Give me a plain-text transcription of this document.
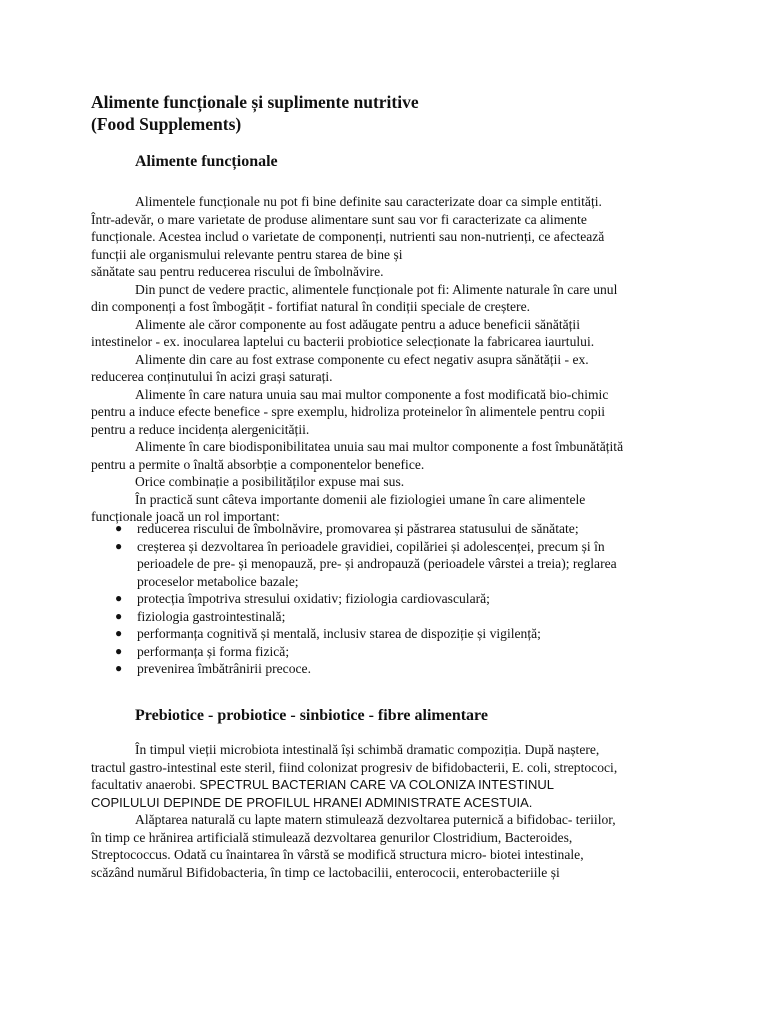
Alimente funcționale și suplimente nutritive
(Food Supplements)
Alimente funcționale
Alimentele funcționale nu pot fi bine definite sau caracterizate doar ca simple entități.
Într-adevăr, o mare varietate de produse alimentare sunt sau vor fi caracterizate ca alimente
funcționale. Acestea includ o varietate de componenți, nutrienti sau non-nutrienți, ce afectează
funcții ale organismului relevante pentru starea de bine și
sănătate sau pentru reducerea riscului de îmbolnăvire.
Din punct de vedere practic, alimentele funcționale pot fi: Alimente naturale în care unul
din componenți a fost îmbogățit - fortifiat natural în condiții speciale de creștere.
Alimente ale căror componente au fost adăugate pentru a aduce beneficii sănătății
intestinelor - ex. inocularea laptelui cu bacterii probiotice selecționate la fabricarea iaurtului.
Alimente din care au fost extrase componente cu efect negativ asupra sănătății - ex.
reducerea conținutului în acizi grași saturați.
Alimente în care natura unuia sau mai multor componente a fost modificată bio-chimic
pentru a induce efecte benefice - spre exemplu, hidroliza proteinelor în alimentele pentru copii
pentru a reduce incidența alergenicității.
Alimente în care biodisponibilitatea unuia sau mai multor componente a fost îmbunătățită
pentru a permite o înaltă absorbție a componentelor benefice.
Orice combinație a posibilităților expuse mai sus.
În practică sunt câteva importante domenii ale fiziologiei umane în care alimentele
funcționale joacă un rol important:
● reducerea riscului de îmbolnăvire, promovarea și păstrarea statusului de sănătate;
● creșterea și dezvoltarea în perioadele gravidiei, copilăriei și adolescenței, precum și în
perioadele de pre- și menopauză, pre- și andropauză (perioadele vârstei a treia); reglarea
proceselor metabolice bazale;
● protecția împotriva stresului oxidativ; fiziologia cardiovasculară;
● fiziologia gastrointestinală;
● performanța cognitivă și mentală, inclusiv starea de dispoziție și vigilență;
● performanța și forma fizică;
● prevenirea îmbătrânirii precoce.
Prebiotice - probiotice - sinbiotice - fibre alimentare
În timpul vieții microbiota intestinală își schimbă dramatic compoziția. După naștere,
tractul gastro-intestinal este steril, fiind colonizat progresiv de bifidobacterii, E. coli, streptococi,
facultativ anaerobi. SPECTRUL BACTERIAN CARE VA COLONIZA INTESTINUL
COPILULUI DEPINDE DE PROFILUL HRANEI ADMINISTRATE ACESTUIA.
Alăptarea naturală cu lapte matern stimulează dezvoltarea puternică a bifidobac- teriilor,
în timp ce hrănirea artificială stimulează dezvoltarea genurilor Clostridium, Bacteroides,
Streptococcus. Odată cu înaintarea în vârstă se modifică structura micro- biotei intestinale,
scăzând numărul Bifidobacteria, în timp ce lactobacilii, enterococii, enterobacteriile și
